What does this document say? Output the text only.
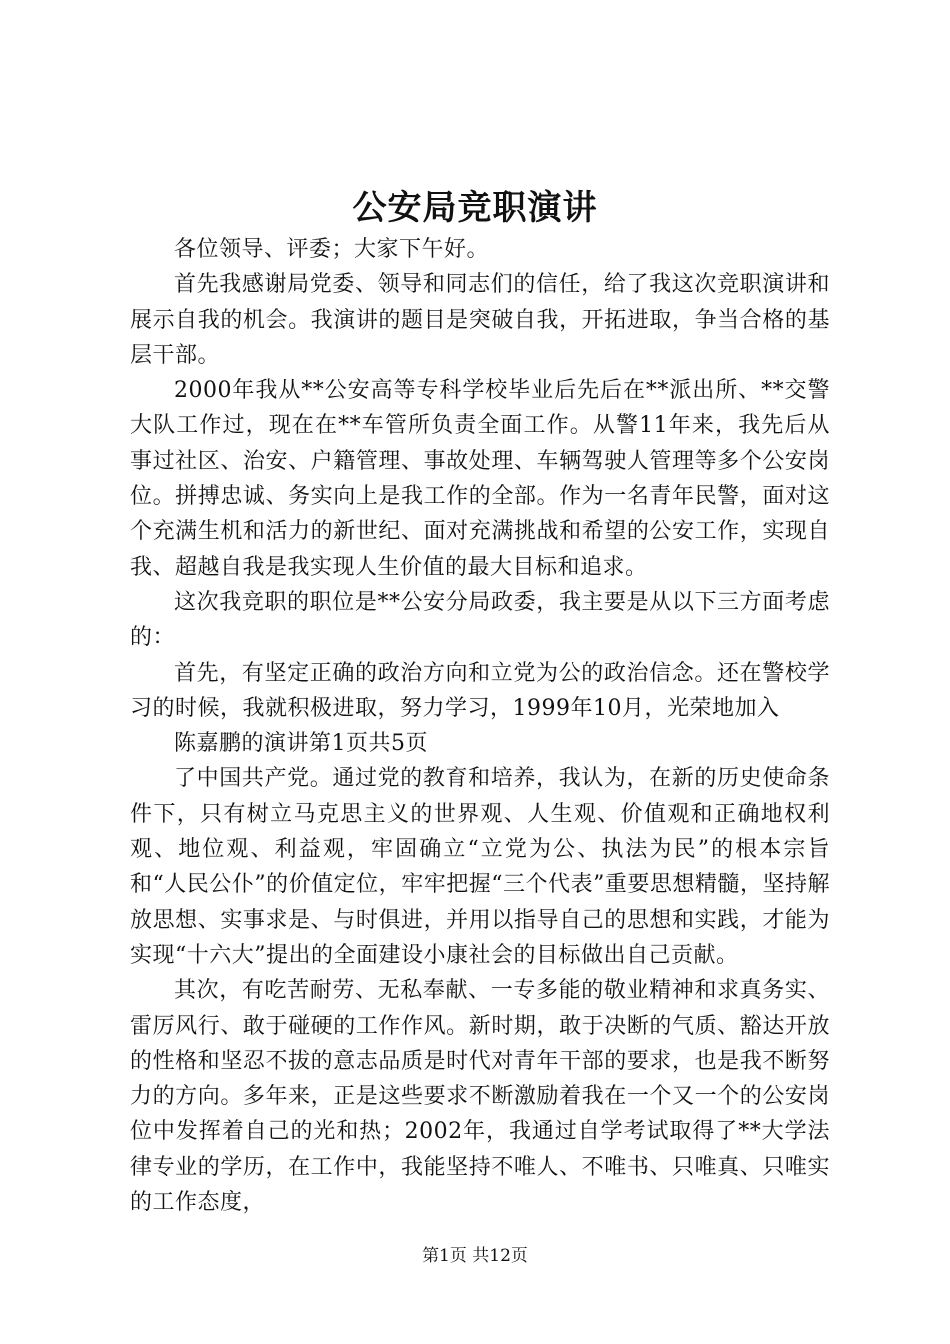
公安局竞职演讲

各位领导、评委；大家下午好。

首先我感谢局党委、领导和同志们的信任，给了我这次竞职演讲和展示自我的机会。我演讲的题目是突破自我，开拓进取，争当合格的基层干部。

2000年我从**公安高等专科学校毕业后先后在**派出所、**交警大队工作过，现在在**车管所负责全面工作。从警11年来，我先后从事过社区、治安、户籍管理、事故处理、车辆驾驶人管理等多个公安岗位。拼搏忠诚、务实向上是我工作的全部。作为一名青年民警，面对这个充满生机和活力的新世纪、面对充满挑战和希望的公安工作，实现自我、超越自我是我实现人生价值的最大目标和追求。

这次我竞职的职位是**公安分局政委，我主要是从以下三方面考虑的：

首先，有坚定正确的政治方向和立党为公的政治信念。还在警校学习的时候，我就积极进取，努力学习，1999年10月，光荣地加入

陈嘉鹏的演讲第1页共5页

了中国共产党。通过党的教育和培养，我认为，在新的历史使命条件下，只有树立马克思主义的世界观、人生观、价值观和正确地权利观、地位观、利益观，牢固确立“立党为公、执法为民”的根本宗旨和“人民公仆”的价值定位，牢牢把握“三个代表”重要思想精髓，坚持解放思想、实事求是、与时俱进，并用以指导自己的思想和实践，才能为实现“十六大”提出的全面建设小康社会的目标做出自己贡献。

其次，有吃苦耐劳、无私奉献、一专多能的敬业精神和求真务实、雷厉风行、敢于碰硬的工作作风。新时期，敢于决断的气质、豁达开放的性格和坚忍不拔的意志品质是时代对青年干部的要求，也是我不断努力的方向。多年来，正是这些要求不断激励着我在一个又一个的公安岗位中发挥着自己的光和热；2002年，我通过自学考试取得了**大学法律专业的学历，在工作中，我能坚持不唯人、不唯书、只唯真、只唯实的工作态度，

第1页 共12页
